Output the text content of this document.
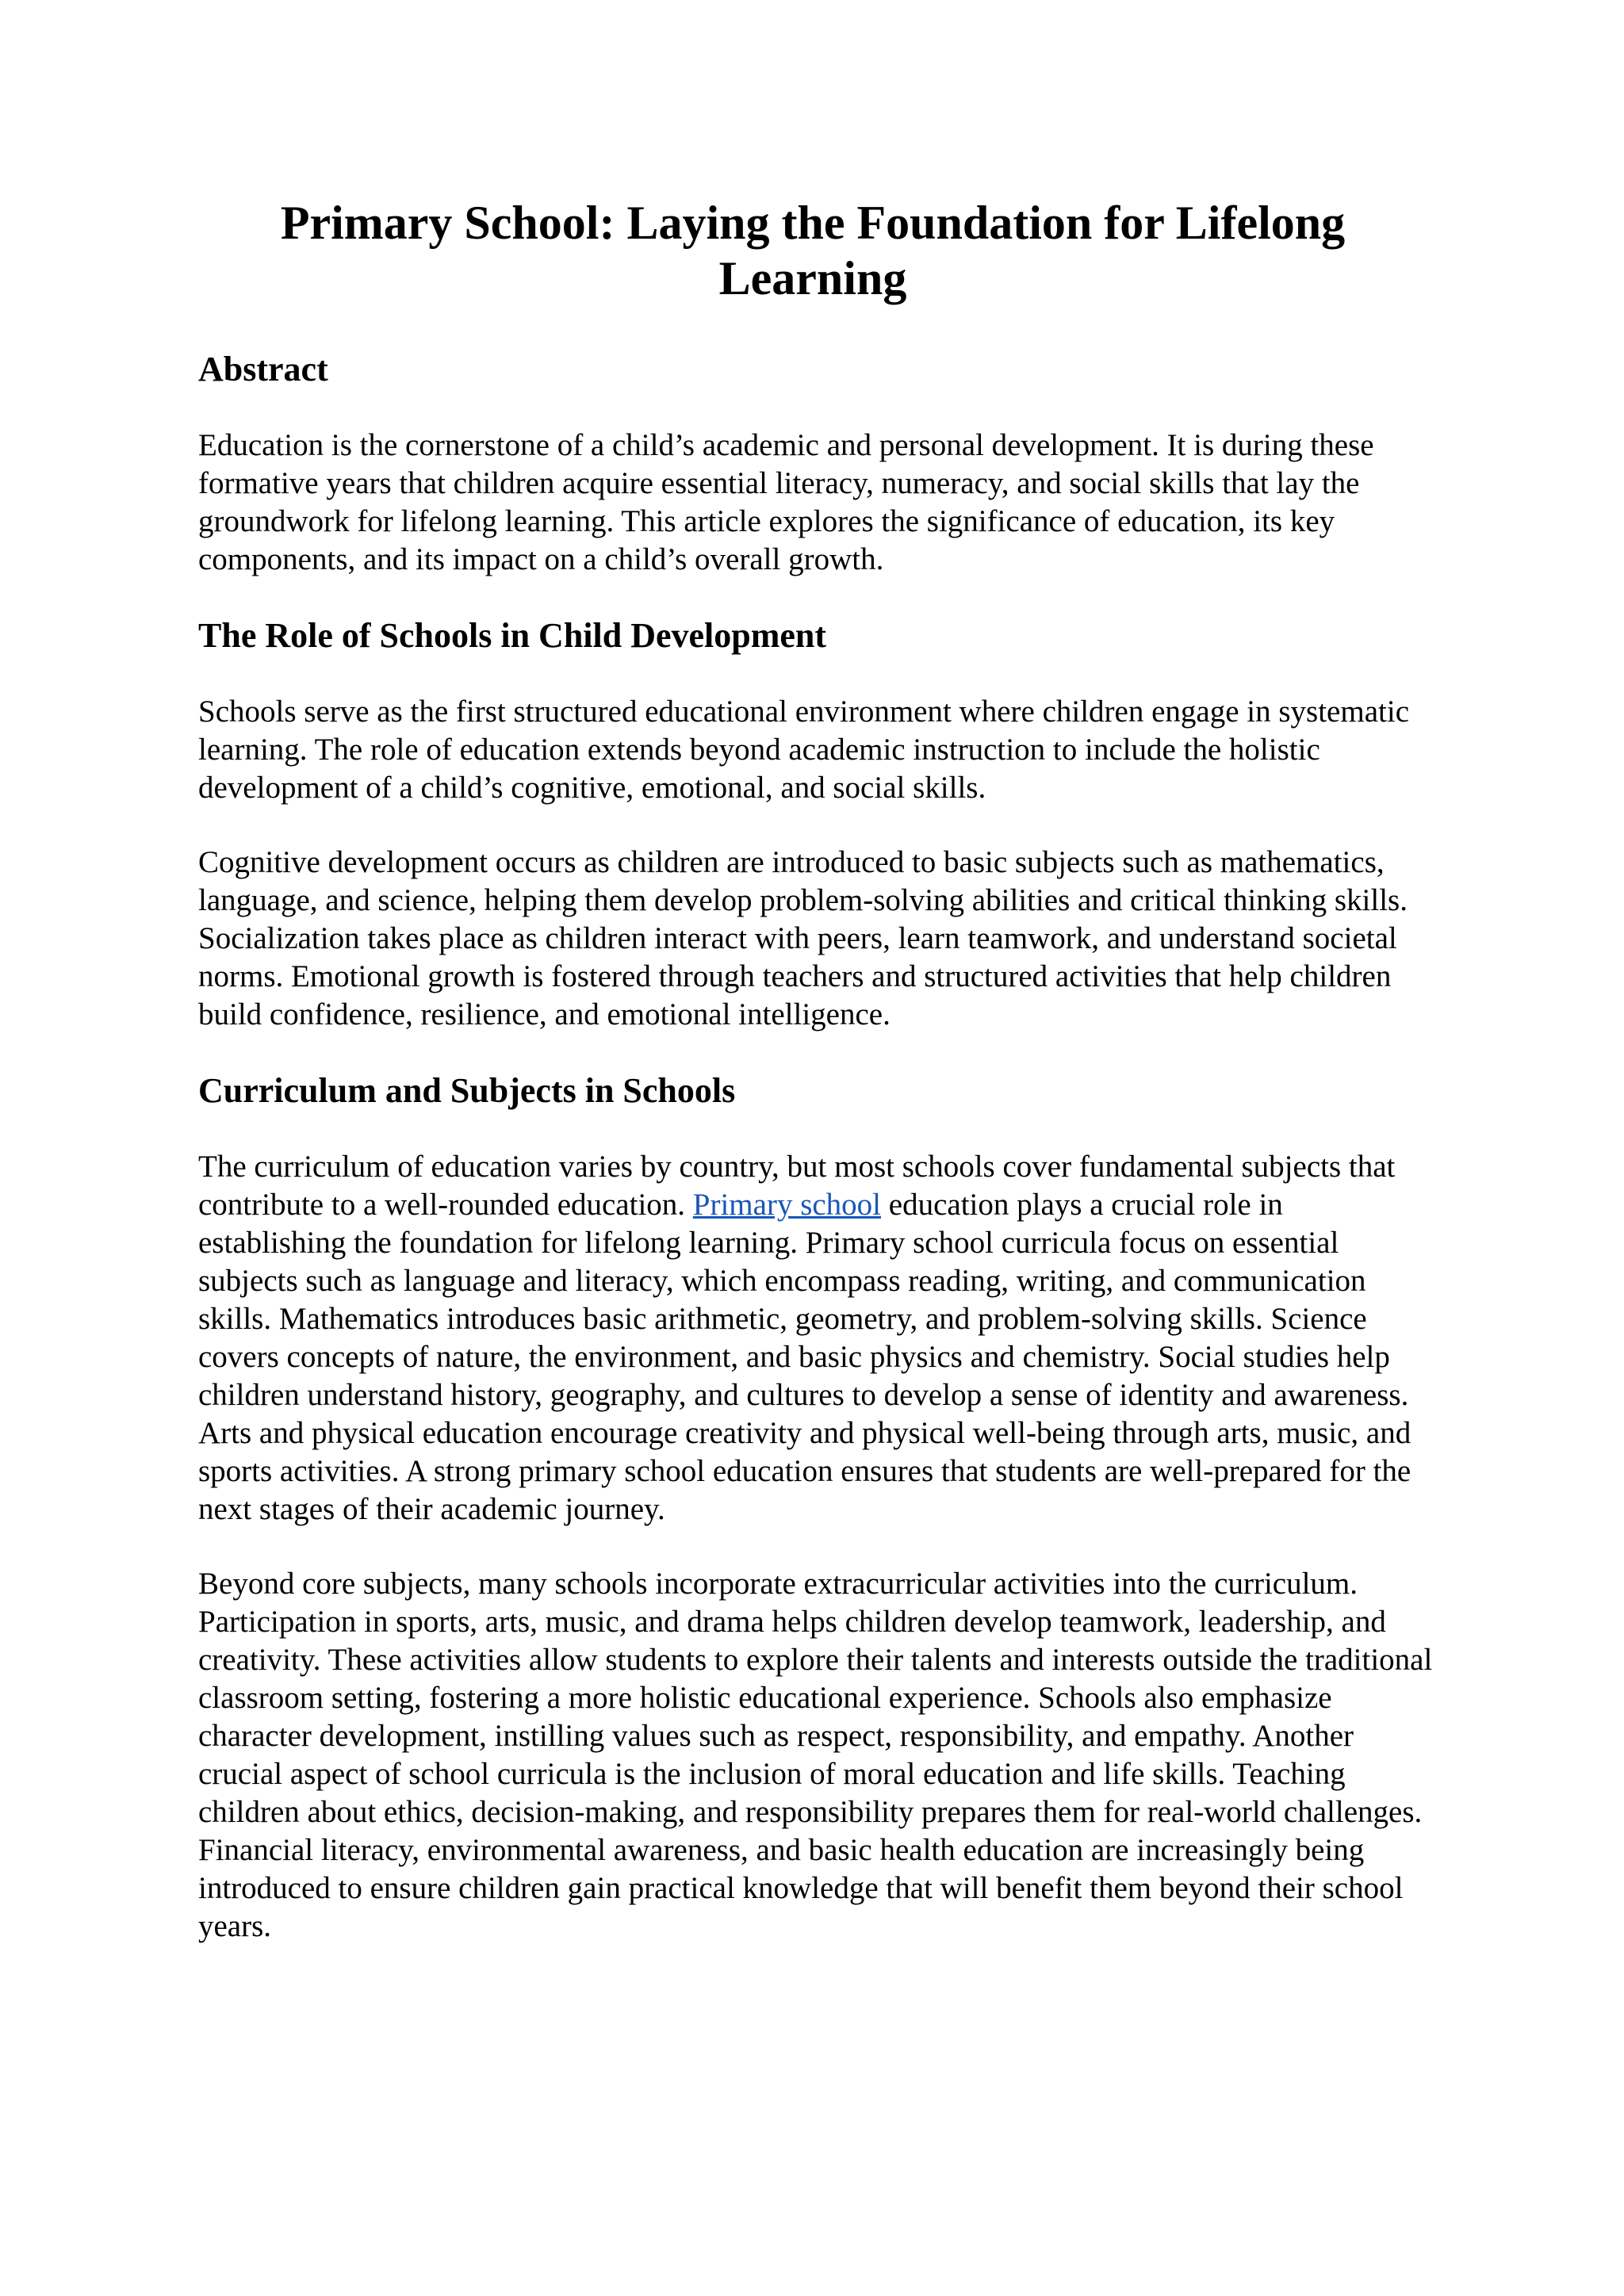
Primary School: Laying the Foundation for Lifelong Learning
Abstract

Education is the cornerstone of a child’s academic and personal development. It is during these formative years that children acquire essential literacy, numeracy, and social skills that lay the groundwork for lifelong learning. This article explores the significance of education, its key components, and its impact on a child’s overall growth.

The Role of Schools in Child Development

Schools serve as the first structured educational environment where children engage in systematic learning. The role of education extends beyond academic instruction to include the holistic development of a child’s cognitive, emotional, and social skills.

Cognitive development occurs as children are introduced to basic subjects such as mathematics, language, and science, helping them develop problem-solving abilities and critical thinking skills. Socialization takes place as children interact with peers, learn teamwork, and understand societal norms. Emotional growth is fostered through teachers and structured activities that help children build confidence, resilience, and emotional intelligence.

Curriculum and Subjects in Schools

The curriculum of education varies by country, but most schools cover fundamental subjects that contribute to a well-rounded education. Primary school education plays a crucial role in establishing the foundation for lifelong learning. Primary school curricula focus on essential subjects such as language and literacy, which encompass reading, writing, and communication skills. Mathematics introduces basic arithmetic, geometry, and problem-solving skills. Science covers concepts of nature, the environment, and basic physics and chemistry. Social studies help children understand history, geography, and cultures to develop a sense of identity and awareness. Arts and physical education encourage creativity and physical well-being through arts, music, and sports activities. A strong primary school education ensures that students are well-prepared for the next stages of their academic journey.

Beyond core subjects, many schools incorporate extracurricular activities into the curriculum. Participation in sports, arts, music, and drama helps children develop teamwork, leadership, and creativity. These activities allow students to explore their talents and interests outside the traditional classroom setting, fostering a more holistic educational experience. Schools also emphasize character development, instilling values such as respect, responsibility, and empathy. Another crucial aspect of school curricula is the inclusion of moral education and life skills. Teaching children about ethics, decision-making, and responsibility prepares them for real-world challenges. Financial literacy, environmental awareness, and basic health education are increasingly being introduced to ensure children gain practical knowledge that will benefit them beyond their school years.
